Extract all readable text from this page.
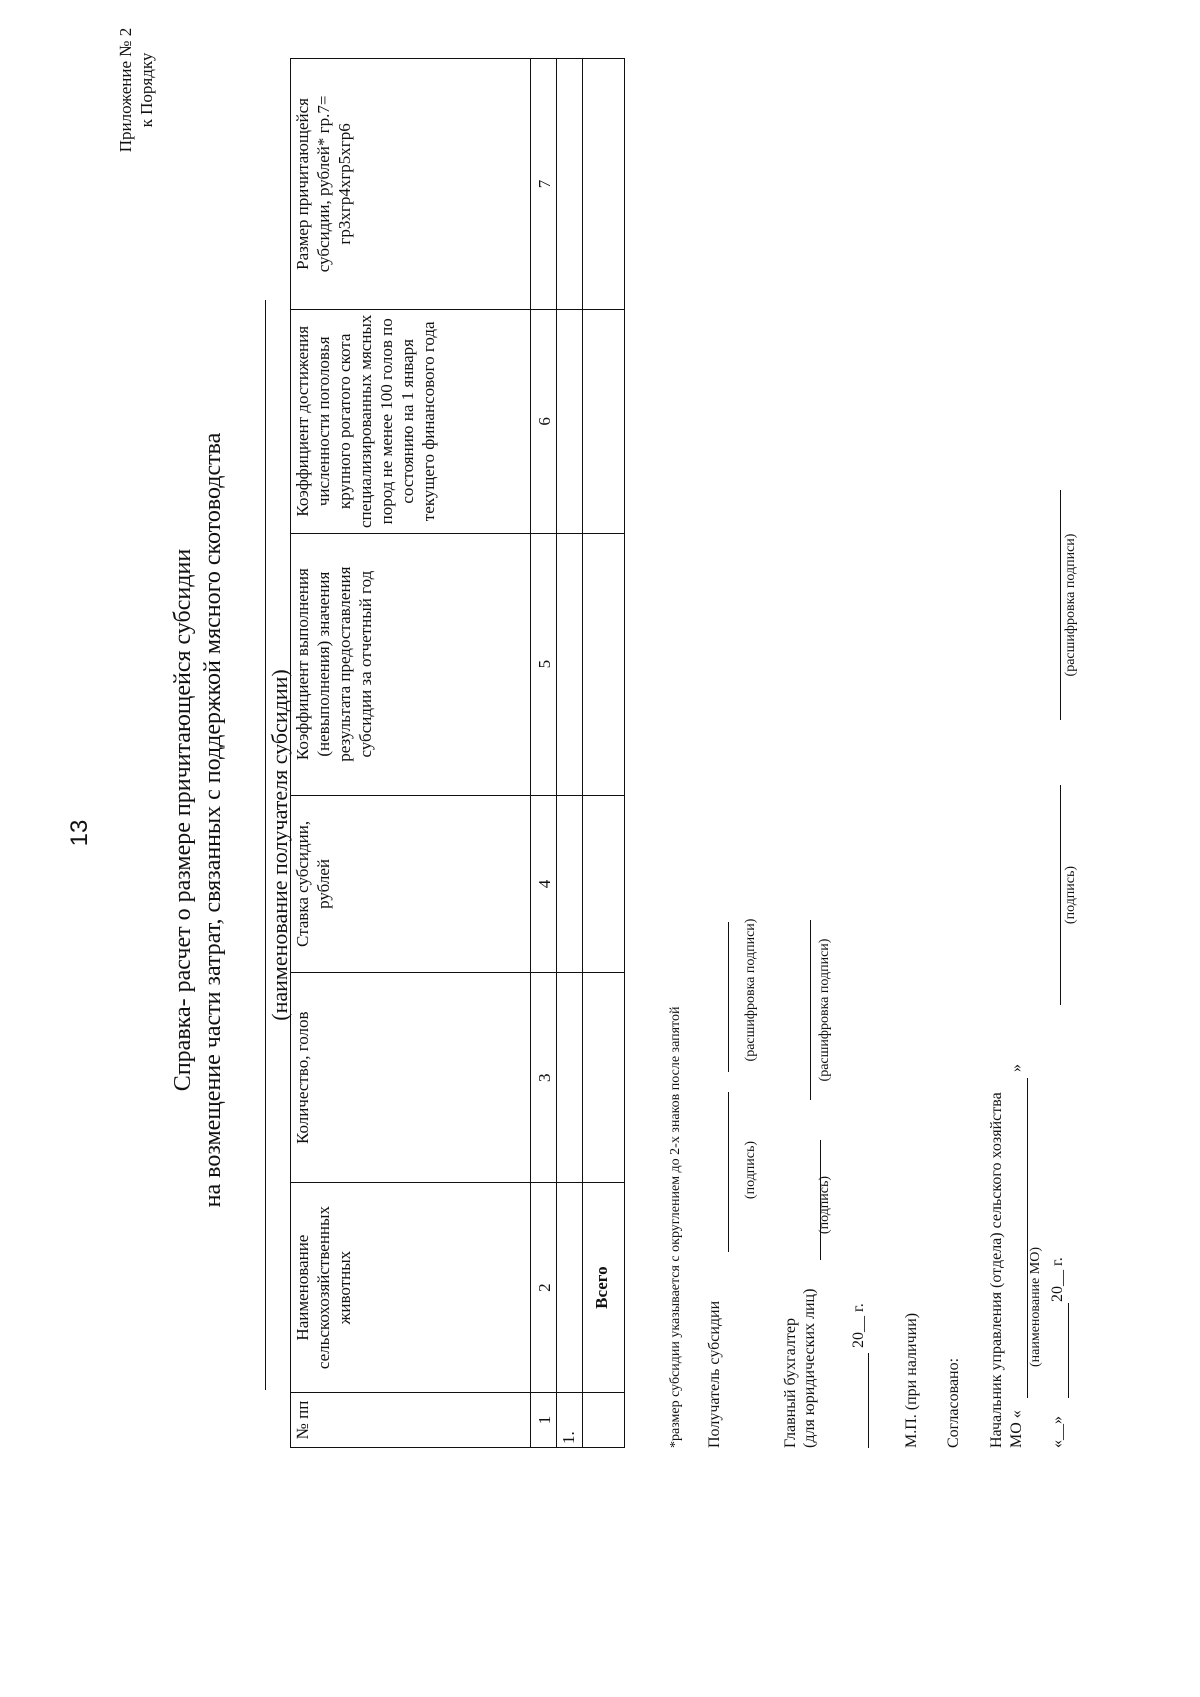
13
Приложение № 2 к Порядку
Справка- расчет о размере причитающейся субсидии на возмещение части затрат, связанных с поддержкой мясного скотоводства (наименование получателя субсидии)
№ пп	Наименование сельскохозяйственных животных	Количество, голов	Ставка субсидии, рублей	Коэффициент выполнения (невыполнения) значения результата предоставления субсидии за отчетный год	Коэффициент достижения численности поголовья крупного рогатого скота специализированных мясных пород не менее 100 голов по состоянию на 1 января текущего финансового года	Размер причитающейся субсидии, рублей* гр.7= гр3хгр4хгр5хгр6
1	2	3	4	5	6	7
1.						
	Всего						*размер субсидии указывается с округлением до 2-х знаков после запятой Получатель субсидии
(подпись)
(расшифровка подписи)
Главный бухгалтер (для юридических лиц)
(подпись)
(расшифровка подписи)
20__ г. М.П. (при наличии) Согласовано: Начальник управления (отдела) сельского хозяйства МО «
»
(наименование МО)
«__»
20__ г.
(подпись)
(расшифровка подписи)
